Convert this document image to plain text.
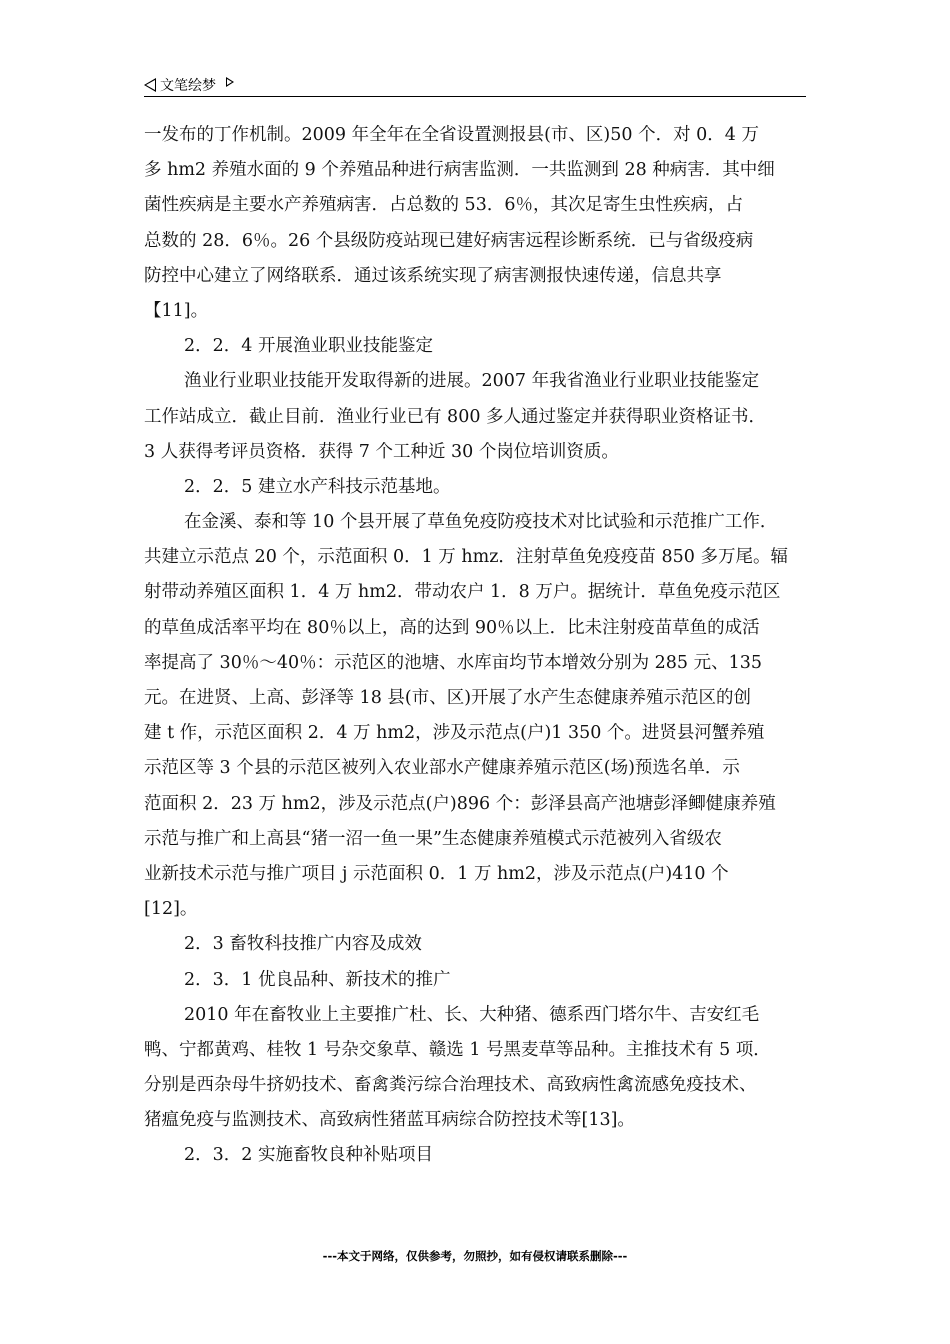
文笔绘梦
一发布的丁作机制。2009 年全年在全省设置测报县(市、区)50 个．对 0．4 万
多 hm2 养殖水面的 9 个养殖品种进行病害监测．一共监测到 28 种病害．其中细
菌性疾病是主要水产养殖病害．占总数的 53．6％，其次足寄生虫性疾病，占
总数的 28．6％。26 个县级防疫站现已建好病害远程诊断系统．已与省级疫病
防控中心建立了网络联系．通过该系统实现了病害测报快速传递，信息共享
【11]。
2．2．4 开展渔业职业技能鉴定
渔业行业职业技能开发取得新的进展。2007 年我省渔业行业职业技能鉴定
工作站成立．截止目前．渔业行业已有 800 多人通过鉴定并获得职业资格证书．
3 人获得考评员资格．获得 7 个工种近 30 个岗位培训资质。
2．2．5 建立水产科技示范基地。
在金溪、泰和等 10 个县开展了草鱼免疫防疫技术对比试验和示范推广工作．
共建立示范点 20 个，示范面积 0．1 万 hmz．注射草鱼免疫疫苗 850 多万尾。辐
射带动养殖区面积 1．4 万 hm2．带动农户 1．8 万户。据统计．草鱼免疫示范区
的草鱼成活率平均在 80％以上，高的达到 90％以上．比未注射疫苗草鱼的成活
率提高了 30％～40％：示范区的池塘、水库亩均节本增效分别为 285 元、135
元。在进贤、上高、彭泽等 18 县(市、区)开展了水产生态健康养殖示范区的创
建 t 作，示范区面积 2．4 万 hm2，涉及示范点(户)1 350 个。进贤县河蟹养殖
示范区等 3 个县的示范区被列入农业部水产健康养殖示范区(场)预选名单．示
范面积 2．23 万 hm2，涉及示范点(户)896 个：彭泽县高产池塘彭泽鲫健康养殖
示范与推广和上高县“猪一沼一鱼一果”生态健康养殖模式示范被列入省级农
业新技术示范与推广项目 j 示范面积 0．1 万 hm2，涉及示范点(户)410 个
[12]。
2．3 畜牧科技推广内容及成效
2．3．1 优良品种、新技术的推广
2010 年在畜牧业上主要推广杜、长、大种猪、德系西门塔尔牛、吉安红毛
鸭、宁都黄鸡、桂牧 1 号杂交象草、赣选 1 号黑麦草等品种。主推技术有 5 项．
分别是西杂母牛挤奶技术、畜禽粪污综合治理技术、高致病性禽流感免疫技术、
猪瘟免疫与监测技术、高致病性猪蓝耳病综合防控技术等[13]。
2．3．2 实施畜牧良种补贴项目
---本文于网络，仅供参考，勿照抄，如有侵权请联系删除---
